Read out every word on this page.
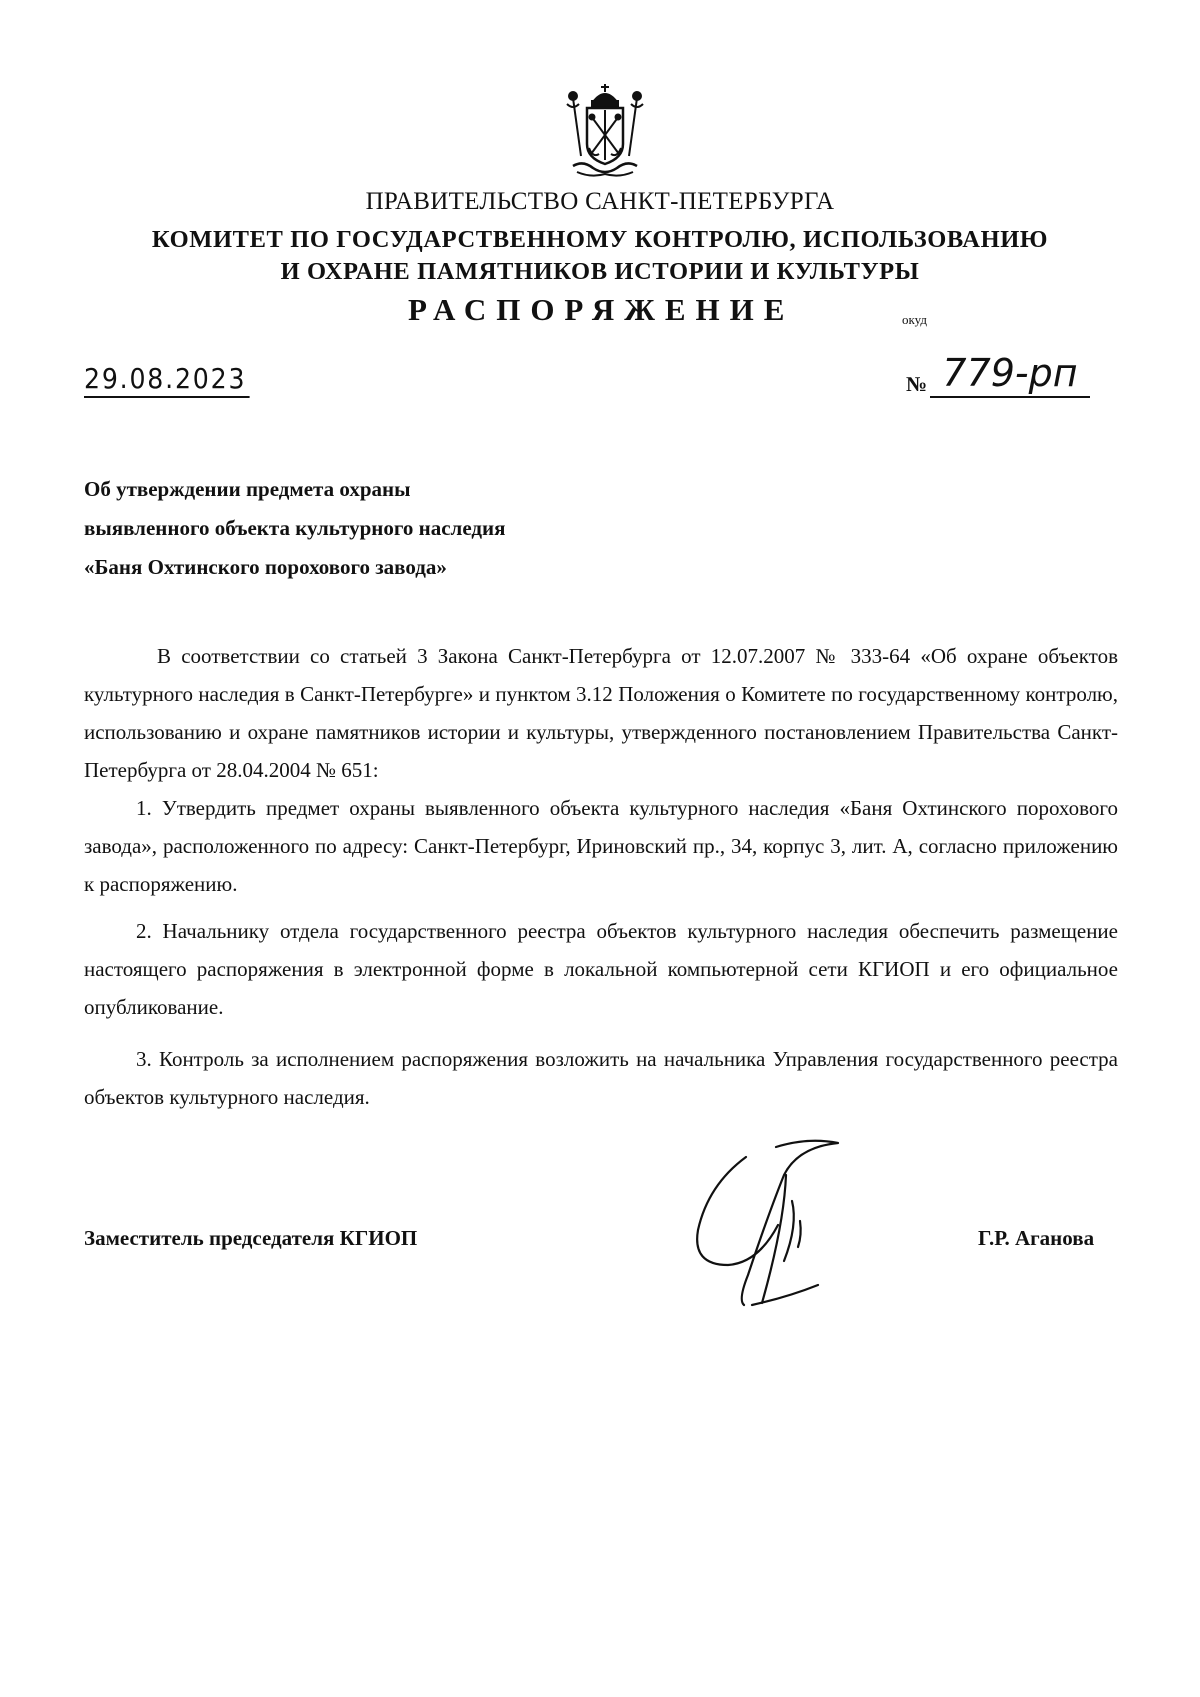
ПРАВИТЕЛЬСТВО САНКТ-ПЕТЕРБУРГА
КОМИТЕТ ПО ГОСУДАРСТВЕННОМУ КОНТРОЛЮ, ИСПОЛЬЗОВАНИЮ
И ОХРАНЕ ПАМЯТНИКОВ ИСТОРИИ И КУЛЬТУРЫ
РАСПОРЯЖЕНИЕ	окуд
29.08.2023	№ 779-рп
Об утверждении предмета охраны
выявленного объекта культурного наследия
«Баня Охтинского порохового завода»

В соответствии со статьей 3 Закона Санкт-Петербурга от 12.07.2007 № 333-64 «Об охране объектов культурного наследия в Санкт-Петербурге» и пунктом 3.12 Положения о Комитете по государственному контролю, использованию и охране памятников истории и культуры, утвержденного постановлением Правительства Санкт-Петербурга от 28.04.2004 № 651:

1. Утвердить предмет охраны выявленного объекта культурного наследия «Баня Охтинского порохового завода», расположенного по адресу: Санкт-Петербург, Ириновский пр., 34, корпус 3, лит. А, согласно приложению к распоряжению.

2. Начальнику отдела государственного реестра объектов культурного наследия обеспечить размещение настоящего распоряжения в электронной форме в локальной компьютерной сети КГИОП и его официальное опубликование.

3. Контроль за исполнением распоряжения возложить на начальника Управления государственного реестра объектов культурного наследия.

Заместитель председателя КГИОП	Г.Р. Аганова
